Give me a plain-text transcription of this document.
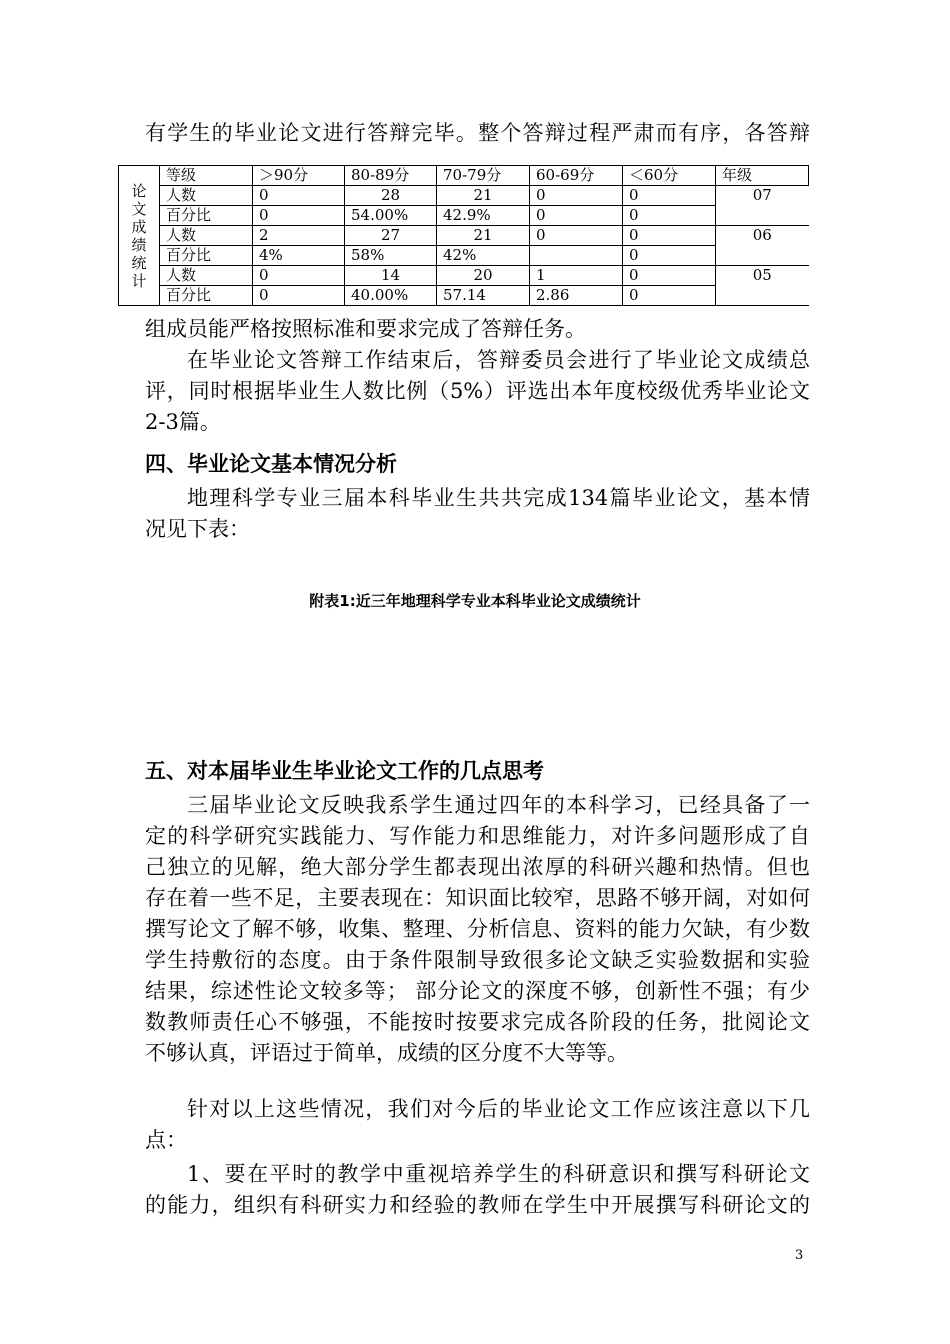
有学生的毕业论文进行答辩完毕。整个答辩过程严肃而有序，各答辩
论文成绩统计	等级	＞90分	80-89分	70-79分	60-69分	＜60分	年级
	人数	0	28	21	0	0	07
	百分比	0	54.00%	42.9%	0	0	
	人数	2	27	21	0	0	06
	百分比	4%	58%	42%		0	
	人数	0	14	20	1	0	05
	百分比	0	40.00%	57.14	2.86	0	
组成员能严格按照标准和要求完成了答辩任务。
在毕业论文答辩工作结束后，答辩委员会进行了毕业论文成绩总
评，同时根据毕业生人数比例（5%）评选出本年度校级优秀毕业论文
2-3篇。
四、毕业论文基本情况分析
地理科学专业三届本科毕业生共共完成134篇毕业论文，基本情
况见下表：
附表1:近三年地理科学专业本科毕业论文成绩统计
五、对本届毕业生毕业论文工作的几点思考
三届毕业论文反映我系学生通过四年的本科学习，已经具备了一
定的科学研究实践能力、写作能力和思维能力，对许多问题形成了自
己独立的见解，绝大部分学生都表现出浓厚的科研兴趣和热情。但也
存在着一些不足，主要表现在：知识面比较窄，思路不够开阔，对如何
撰写论文了解不够，收集、整理、分析信息、资料的能力欠缺，有少数
学生持敷衍的态度。由于条件限制导致很多论文缺乏实验数据和实验
结果，综述性论文较多等； 部分论文的深度不够，创新性不强；有少
数教师责任心不够强，不能按时按要求完成各阶段的任务，批阅论文
不够认真，评语过于简单，成绩的区分度不大等等。
针对以上这些情况，我们对今后的毕业论文工作应该注意以下几
点：
1、要在平时的教学中重视培养学生的科研意识和撰写科研论文
的能力，组织有科研实力和经验的教师在学生中开展撰写科研论文的
3
